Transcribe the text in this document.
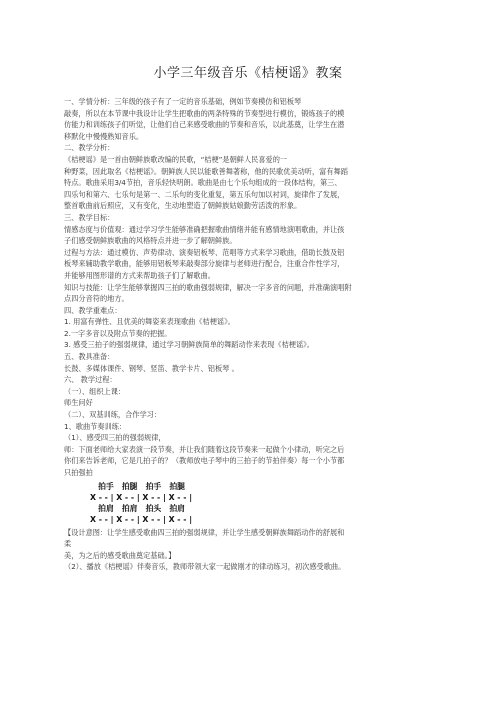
小学三年级音乐《桔梗谣》教案
一、学情分析：三年级的孩子有了一定的音乐基础，例如节奏模仿和铝板琴
敲奏，所以在本节课中我设计让学生把歌曲的两条特殊的节奏型进行模仿，锻炼孩子的模
仿能力和训练孩子们听觉，让他们自己来感受歌曲的节奏和音乐，以此基奠，让学生在潜
移默化中慢慢熟知音乐。
二、教学分析：
《桔梗谣》是一首由朝鲜族歌改编的民歌，“桔梗”是朝鲜人民喜爱的一
种野菜，因此取名《桔梗谣》。朝鲜族人民以能歌善舞著称，他的民歌优美动听，富有舞蹈
特点。歌曲采用3/4节拍，音乐轻快明朗。歌曲是由七个乐句组成的一段体结构，第三、
四乐句和第六、七乐句是第一、二乐句的变化重复，第五乐句加以衬词，旋律作了发展，
整首歌曲前后照应，又有变化，生动地塑造了朝鲜族姑娘勤劳活泼的形象。
三、教学目标：
情感态度与价值观：通过学习学生能够准确把握歌曲情绪并能有感情地演唱歌曲，并让孩
子们感受朝鲜族歌曲的风格特点并进一步了解朝鲜族。
过程与方法：通过模仿、声势律动、演奏铝板琴、范唱等方式来学习歌曲，借助长鼓及铝
板琴来辅助教学歌曲，能够用铝板琴来敲奏部分旋律与老师进行配合，注重合作性学习，
并能够用图形谱的方式来帮助孩子们了解歌曲。
知识与技能：让学生能够掌握四三拍的歌曲强弱规律，解决一字多音的问题，并准确演唱附
点四分音符的地方。
四、教学重难点：
1. 用富有弹性、且优美的舞姿来表现歌曲《桔梗谣》。
2.一字多音以及附点节奏的把握。
3. 感受三拍子的强弱规律，通过学习朝鲜族简单的舞蹈动作来表现《桔梗谣》。
五、教具准备：
长鼓、多媒体课件、钢琴、竖笛、教学卡片、铝板琴 。
六、 教学过程：
（一）、组织上课：
师生问好
（二）、双基训练，合作学习：
1、歌曲节奏训练：
（1）、感受四三拍的强弱规律，
师：下面老师给大家表演一段节奏，并让我们随着这段节奏来一起做个小律动，听完之后
你们来告诉老师，它是几拍子的？（教师放电子琴中的三拍子的节拍伴奏）每一个小节都
只拍强拍
拍手   拍腿   拍手   拍腿
X - - | X - - | X - - | X - - |
拍肩   拍肩   拍头   拍肩
X - - | X - - | X - - | X - - |
【设计意图：让学生感受歌曲四三拍的强弱规律，并让学生感受朝鲜族舞蹈动作的舒展和
柔
美，为之后的感受歌曲奠定基础。】
（2）、播放《桔梗谣》伴奏音乐，教师带领大家一起做刚才的律动练习，初次感受歌曲。
